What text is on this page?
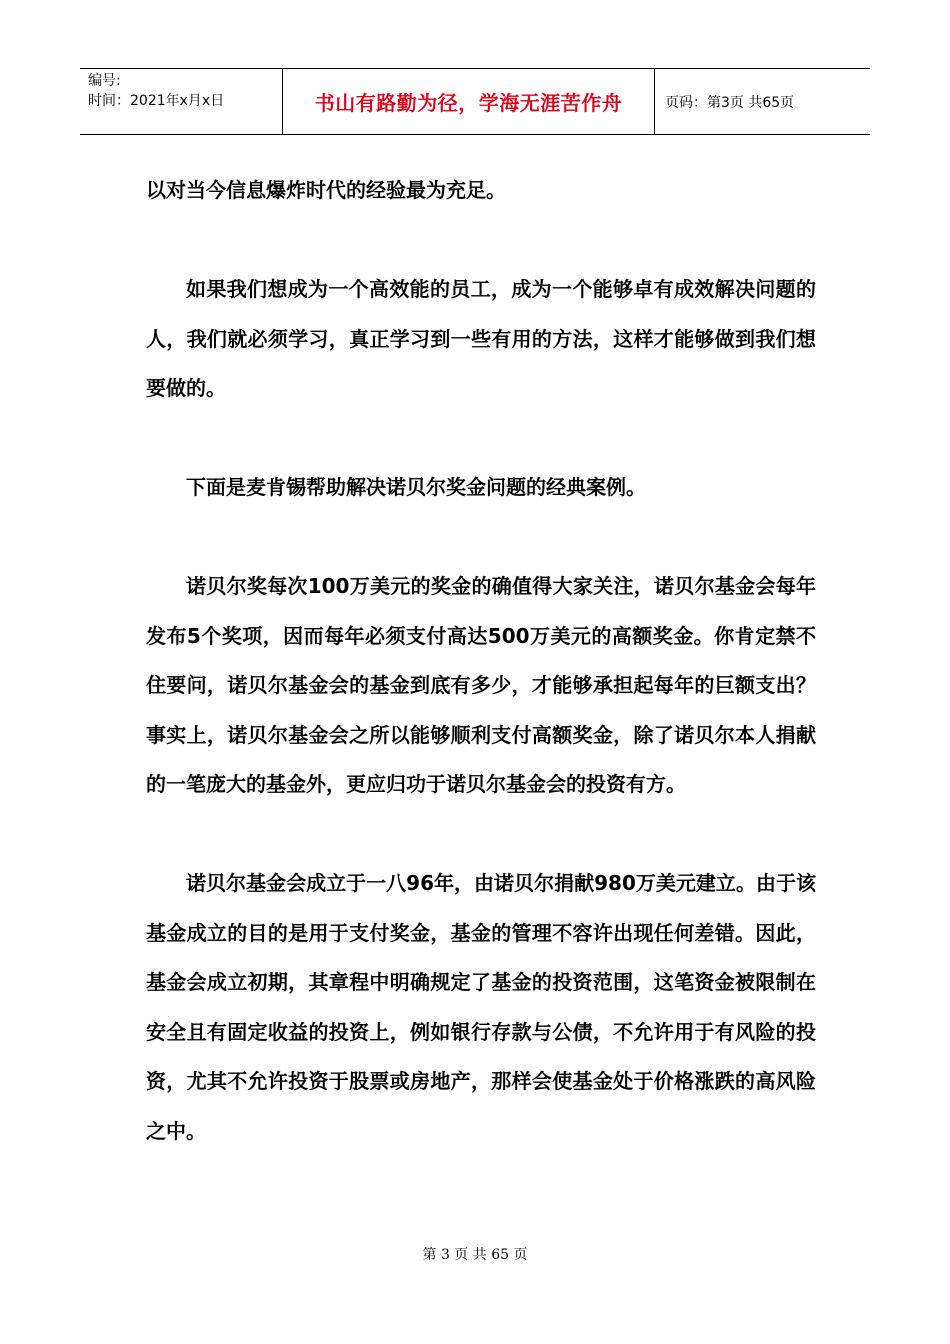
编号:
时间：2021年x月x日	书山有路勤为径，学海无涯苦作舟	页码：第3页 共65页

以对当今信息爆炸时代的经验最为充足。

如果我们想成为一个高效能的员工，成为一个能够卓有成效解决问题的人，我们就必须学习，真正学习到一些有用的方法，这样才能够做到我们想要做的。

下面是麦肯锡帮助解决诺贝尔奖金问题的经典案例。

诺贝尔奖每次100万美元的奖金的确值得大家关注，诺贝尔基金会每年发布5个奖项，因而每年必须支付高达500万美元的高额奖金。你肯定禁不住要问，诺贝尔基金会的基金到底有多少，才能够承担起每年的巨额支出？事实上，诺贝尔基金会之所以能够顺利支付高额奖金，除了诺贝尔本人捐献的一笔庞大的基金外，更应归功于诺贝尔基金会的投资有方。

诺贝尔基金会成立于一八96年，由诺贝尔捐献980万美元建立。由于该基金成立的目的是用于支付奖金，基金的管理不容许出现任何差错。因此，基金会成立初期，其章程中明确规定了基金的投资范围，这笔资金被限制在安全且有固定收益的投资上，例如银行存款与公债，不允许用于有风险的投资，尤其不允许投资于股票或房地产，那样会使基金处于价格涨跌的高风险之中。

第 3 页 共 65 页
